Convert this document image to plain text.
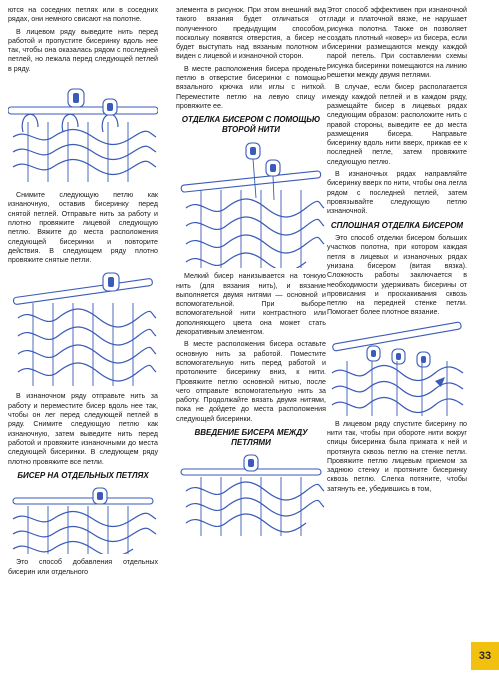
ются на соседних петлях или в соседних рядах, они немного свисают на полотне.

В лицевом ряду выведите нить перед работой и пропустите бисеринку вдоль нее так, чтобы она оказалась рядом с последней петлей, но лежала перед следующей петлей в ряду.

Снимите следующую петлю как изнаночную, оставив бисеринку перед снятой петлей. Отправьте нить за работу и плотно провяжите лицевой следующую петлю. Вяжите до места расположения следующей бисеринки и повторите действия. В следующем ряду плотно провяжите снятые петли.

В изнаночном ряду отправьте нить за работу и переместите бисер вдоль нее так, чтобы он лег перед следующей петлей в ряду. Снимите следующую петлю как изнаночную, затем выведите нить перед работой и провяжите изнаночными до места следующей бисеринки. В следующем ряду плотно провяжите все петли.

БИСЕР НА ОТДЕЛЬНЫХ ПЕТЛЯХ

Это способ добавления отдельных бисерин или отдельного

элемента в рисунок. При этом внешний вид такого вязания будет отличаться от полученного предыдущим способом, поскольку появятся отверстия, а бисер не будет выступать над вязаным полотном и виден с лицевой и изнаночной сторон.

В месте расположения бисера проденьте петлю в отверстие бисеринки с помощью вязального крючка или иглы с ниткой. Переместите петлю на левую спицу и провяжите ее.

ОТДЕЛКА БИСЕРОМ С ПОМОЩЬЮ ВТОРОЙ НИТИ

Мелкий бисер нанизывается на тонкую нить (для вязания нить), и вязание выполняется двумя нитями — основной и вспомогательной. При выборе вспомогательной нити контрастного или дополняющего цвета она может стать декоративным элементом.

В месте расположения бисера оставьте основную нить за работой. Поместите вспомогательную нить перед работой и протолкните бисеринку вниз, к нити. Провяжите петлю основной нитью, после чего отправьте вспомогательную нить за работу. Продолжайте вязать двумя нитями, пока не дойдете до места расположения следующей бисеринки.

ВВЕДЕНИЕ БИСЕРА МЕЖДУ ПЕТЛЯМИ

Этот способ эффективен при изнаночной глади и платочной вязке, не нарушает рисунка полотна. Также он позволяет создать плотный «ковер» из бисера, если бисеринки размещаются между каждой парой петель. При составлении схемы рисунка бисеринки помещаются на линию решетки между двумя петлями.

В случае, если бисер располагается между каждой петлей и в каждом ряду, размещайте бисер в лицевых рядах следующим образом: расположите нить с правой стороны, выведите ее до места размещения бисера. Направьте бисеринку вдоль нити вверх, прижав ее к последней петле, затем провяжите следующую петлю.

В изнаночных рядах направляйте бисеринку вверх по нити, чтобы она легла рядом с последней петлей, затем провязывайте следующую петлю изнаночной.

СПЛОШНАЯ ОТДЕЛКА БИСЕРОМ

Это способ отделки бисером больших участков полотна, при котором каждая петля в лицевых и изнаночных рядах унизана бисером (витая вязка). Сложность работы заключается в необходимости удерживать бисерины от провисания и проскакивания сквозь петлю на передней стенке петли. Помогает более плотное вязание.

В лицевом ряду спустите бисерину по нити так, чтобы при обороте нити вокруг спицы бисеринка была прижата к ней и протянута сквозь петлю на стенке петли. Провяжите петлю лицевым приемом за заднюю стенку и протяните бисеринку сквозь петлю. Слегка потяните, чтобы затянуть ее, убедившись в том,

33
